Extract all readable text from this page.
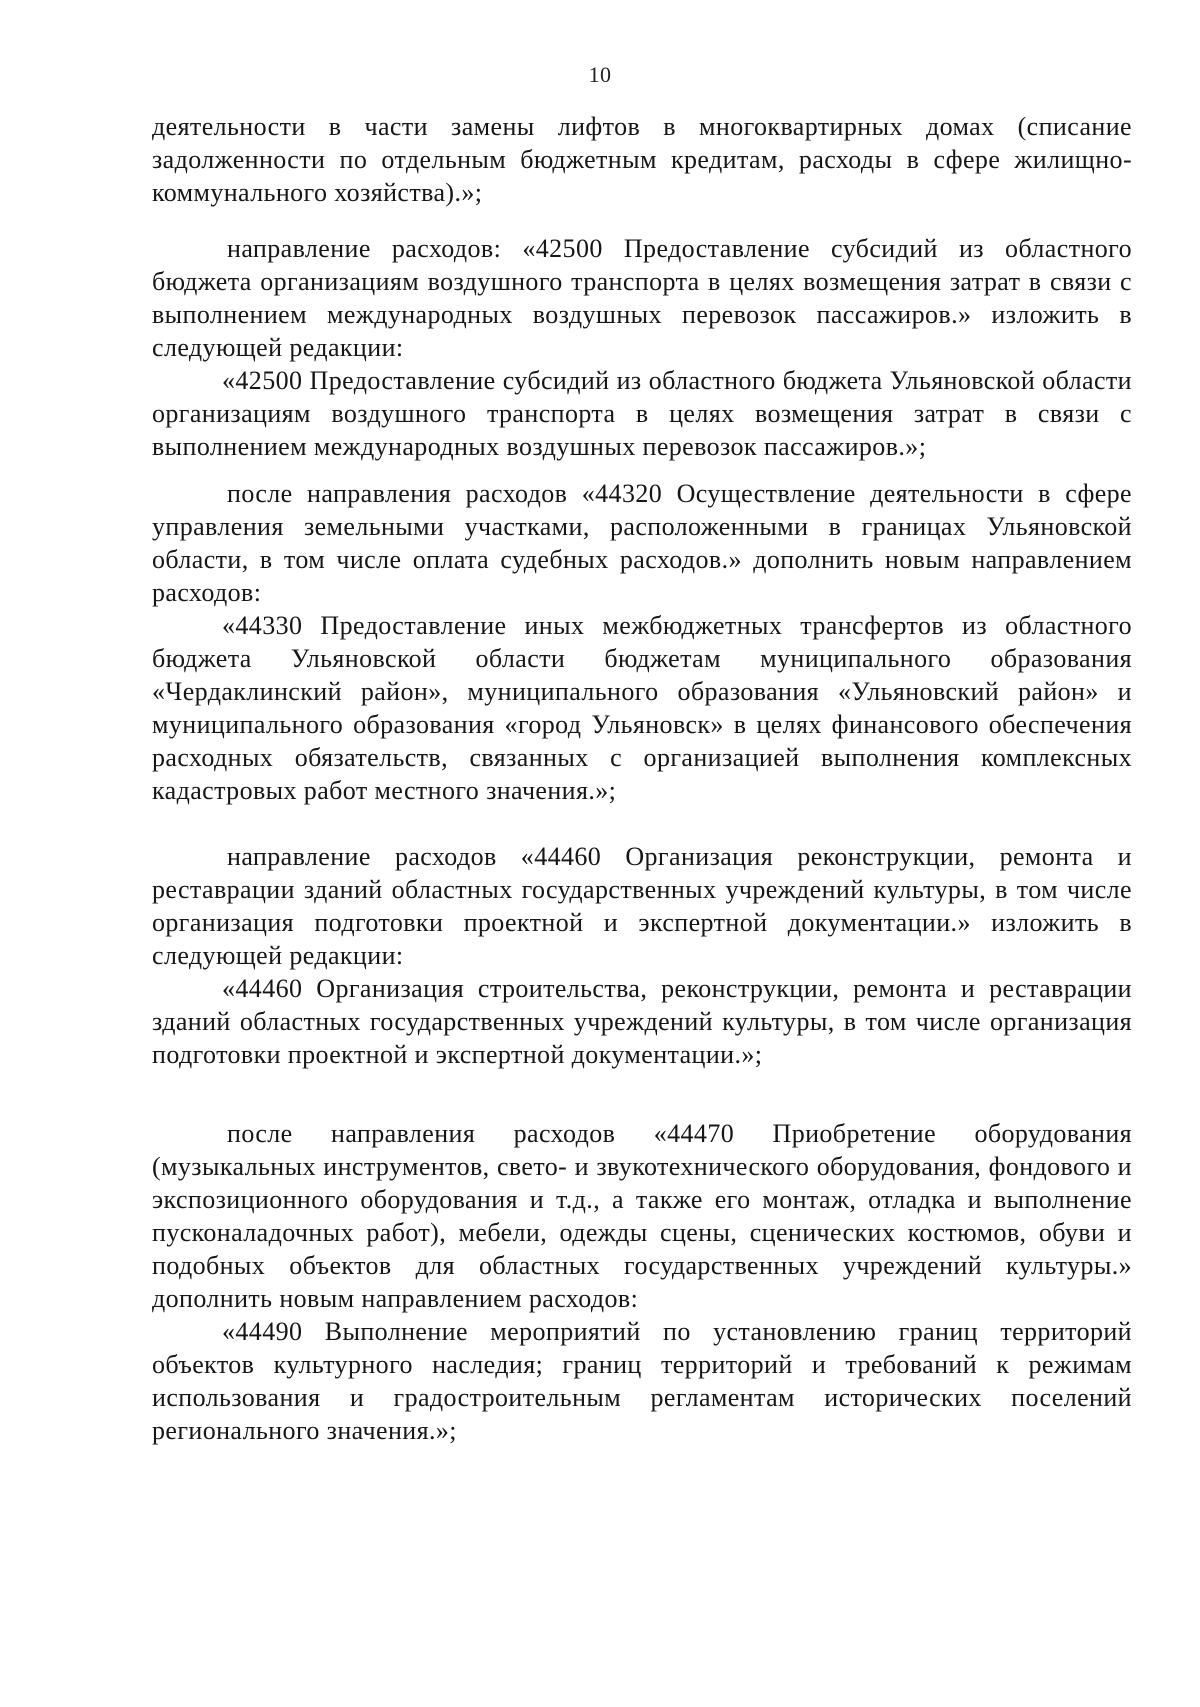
10

деятельности в части замены лифтов в многоквартирных домах (списание задолженности по отдельным бюджетным кредитам, расходы в сфере жилищно-коммунального хозяйства).»;

направление расходов: «42500 Предоставление субсидий из областного бюджета организациям воздушного транспорта в целях возмещения затрат в связи с выполнением международных воздушных перевозок пассажиров.» изложить в следующей редакции:

«42500 Предоставление субсидий из областного бюджета Ульяновской области организациям воздушного транспорта в целях возмещения затрат в связи с выполнением международных воздушных перевозок пассажиров.»;

после направления расходов «44320 Осуществление деятельности в сфере управления земельными участками, расположенными в границах Ульяновской области, в том числе оплата судебных расходов.» дополнить новым направлением расходов:

«44330 Предоставление иных межбюджетных трансфертов из областного бюджета Ульяновской области бюджетам муниципального образования «Чердаклинский район», муниципального образования «Ульяновский район» и муниципального образования «город Ульяновск» в целях финансового обеспечения расходных обязательств, связанных с организацией выполнения комплексных кадастровых работ местного значения.»;

направление расходов «44460 Организация реконструкции, ремонта и реставрации зданий областных государственных учреждений культуры, в том числе организация подготовки проектной и экспертной документации.» изложить в следующей редакции:

«44460 Организация строительства, реконструкции, ремонта и реставрации зданий областных государственных учреждений культуры, в том числе организация подготовки проектной и экспертной документации.»;

после направления расходов «44470 Приобретение оборудования (музыкальных инструментов, свето- и звукотехнического оборудования, фондового и экспозиционного оборудования и т.д., а также его монтаж, отладка и выполнение пусконаладочных работ), мебели, одежды сцены, сценических костюмов, обуви и подобных объектов для областных государственных учреждений культуры.» дополнить новым направлением расходов:

«44490 Выполнение мероприятий по установлению границ территорий объектов культурного наследия; границ территорий и требований к режимам использования и градостроительным регламентам исторических поселений регионального значения.»;
